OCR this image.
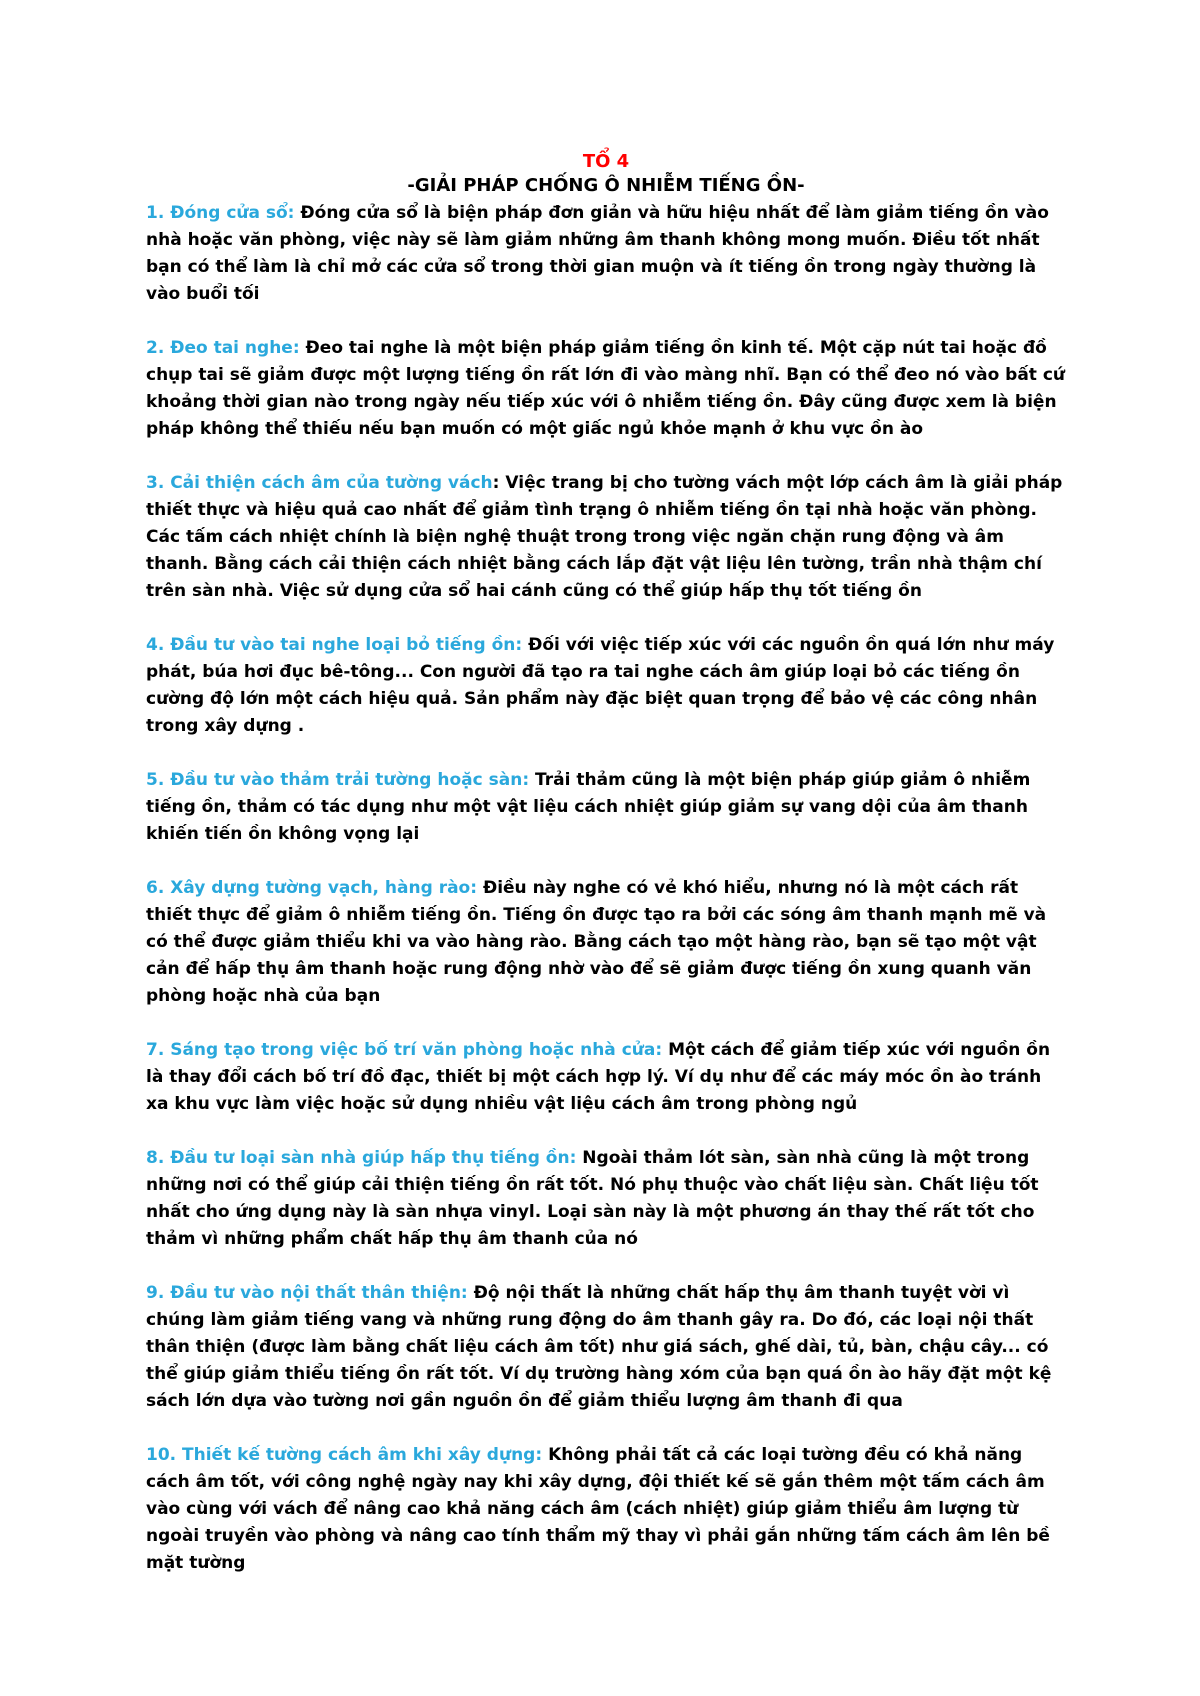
TỔ 4

-GIẢI PHÁP CHỐNG Ô NHIỄM TIẾNG ỒN-

1. Đóng cửa sổ: Đóng cửa sổ là biện pháp đơn giản và hữu hiệu nhất để làm giảm tiếng ồn vào nhà hoặc văn phòng, việc này sẽ làm giảm những âm thanh không mong muốn. Điều tốt nhất bạn có thể làm là chỉ mở các cửa sổ trong thời gian muộn và ít tiếng ồn trong ngày thường là vào buổi tối

2. Đeo tai nghe: Đeo tai nghe là một biện pháp giảm tiếng ồn kinh tế. Một cặp nút tai hoặc đồ chụp tai sẽ giảm được một lượng tiếng ồn rất lớn đi vào màng nhĩ. Bạn có thể đeo nó vào bất cứ khoảng thời gian nào trong ngày nếu tiếp xúc với ô nhiễm tiếng ồn. Đây cũng được xem là biện pháp không thể thiếu nếu bạn muốn có một giấc ngủ khỏe mạnh ở khu vực ồn ào

3. Cải thiện cách âm của tường vách: Việc trang bị cho tường vách một lớp cách âm là giải pháp thiết thực và hiệu quả cao nhất để giảm tình trạng ô nhiễm tiếng ồn tại nhà hoặc văn phòng. Các tấm cách nhiệt chính là biện nghệ thuật trong trong việc ngăn chặn rung động và âm thanh. Bằng cách cải thiện cách nhiệt bằng cách lắp đặt vật liệu lên tường, trần nhà thậm chí trên sàn nhà. Việc sử dụng cửa sổ hai cánh cũng có thể giúp hấp thụ tốt tiếng ồn

4. Đầu tư vào tai nghe loại bỏ tiếng ồn: Đối với việc tiếp xúc với các nguồn ồn quá lớn như máy phát, búa hơi đục bê-tông... Con người đã tạo ra tai nghe cách âm giúp loại bỏ các tiếng ồn cường độ lớn một cách hiệu quả. Sản phẩm này đặc biệt quan trọng để bảo vệ các công nhân trong xây dựng .

5. Đầu tư vào thảm trải tường hoặc sàn: Trải thảm cũng là một biện pháp giúp giảm ô nhiễm tiếng ồn, thảm có tác dụng như một vật liệu cách nhiệt giúp giảm sự vang dội của âm thanh khiến tiến ồn không vọng lại

6. Xây dựng tường vạch, hàng rào: Điều này nghe có vẻ khó hiểu, nhưng nó là một cách rất thiết thực để giảm ô nhiễm tiếng ồn. Tiếng ồn được tạo ra bởi các sóng âm thanh mạnh mẽ và có thể được giảm thiểu khi va vào hàng rào. Bằng cách tạo một hàng rào, bạn sẽ tạo một vật cản để hấp thụ âm thanh hoặc rung động nhờ vào để sẽ giảm được tiếng ồn xung quanh văn phòng hoặc nhà của bạn

7. Sáng tạo trong việc bố trí văn phòng hoặc nhà cửa: Một cách để giảm tiếp xúc với nguồn ồn là thay đổi cách bố trí đồ đạc, thiết bị một cách hợp lý. Ví dụ như để các máy móc ồn ào tránh xa khu vực làm việc hoặc sử dụng nhiều vật liệu cách âm trong phòng ngủ

8. Đầu tư loại sàn nhà giúp hấp thụ tiếng ồn: Ngoài thảm lót sàn, sàn nhà cũng là một trong những nơi có thể giúp cải thiện tiếng ồn rất tốt. Nó phụ thuộc vào chất liệu sàn. Chất liệu tốt nhất cho ứng dụng này là sàn nhựa vinyl. Loại sàn này là một phương án thay thế rất tốt cho thảm vì những phẩm chất hấp thụ âm thanh của nó

9. Đầu tư vào nội thất thân thiện: Độ nội thất là những chất hấp thụ âm thanh tuyệt vời vì chúng làm giảm tiếng vang và những rung động do âm thanh gây ra. Do đó, các loại nội thất thân thiện (được làm bằng chất liệu cách âm tốt) như giá sách, ghế dài, tủ, bàn, chậu cây... có thể giúp giảm thiểu tiếng ồn rất tốt. Ví dụ trường hàng xóm của bạn quá ồn ào hãy đặt một kệ sách lớn dựa vào tường nơi gần nguồn ồn để giảm thiểu lượng âm thanh đi qua

10. Thiết kế tường cách âm khi xây dựng: Không phải tất cả các loại tường đều có khả năng cách âm tốt, với công nghệ ngày nay khi xây dựng, đội thiết kế sẽ gắn thêm một tấm cách âm vào cùng với vách để nâng cao khả năng cách âm (cách nhiệt) giúp giảm thiểu âm lượng từ ngoài truyền vào phòng và nâng cao tính thẩm mỹ thay vì phải gắn những tấm cách âm lên bề mặt tường
